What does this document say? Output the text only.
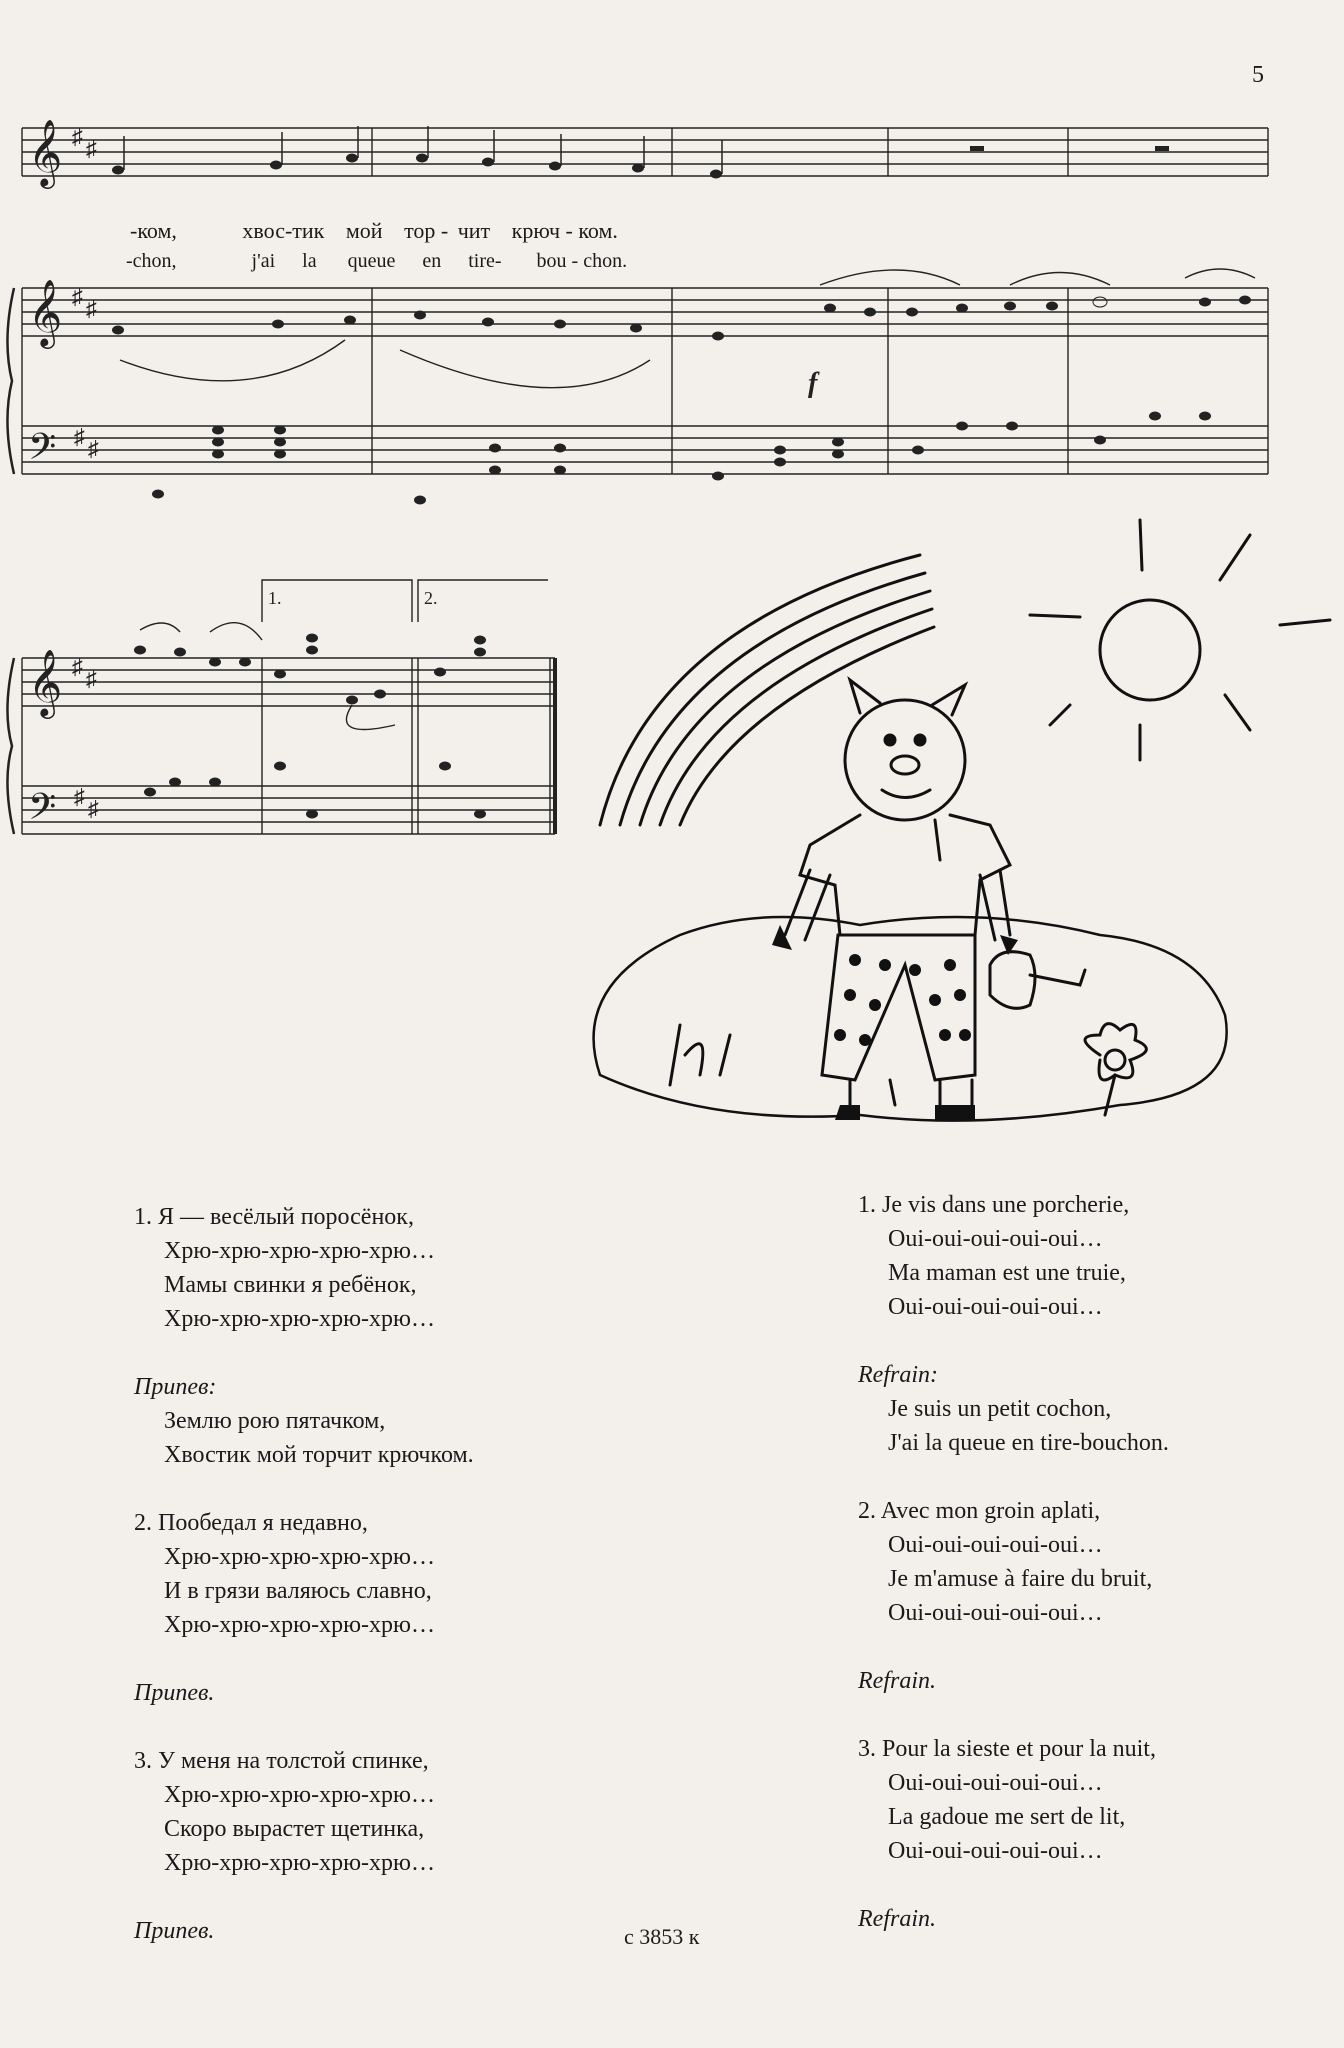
5
𝄞
𝄞
𝄢
♯ ♯
♯ ♯
♯ ♯
f
-ком,	хвос-тик мой тор - чит крюч - ком.
-chon,	j'ai la queue en tire- bou - chon.
𝄞
𝄢
♯ ♯
♯ ♯
1.	2.
1. Я — весёлый поросёнок,
Хрю-хрю-хрю-хрю-хрю…
Мамы свинки я ребёнок,
Хрю-хрю-хрю-хрю-хрю…
Припев:
Землю рою пятачком,
Хвостик мой торчит крючком.
2. Пообедал я недавно,
Хрю-хрю-хрю-хрю-хрю…
И в грязи валяюсь славно,
Хрю-хрю-хрю-хрю-хрю…
Припев.
3. У меня на толстой спинке,
Хрю-хрю-хрю-хрю-хрю…
Скоро вырастет щетинка,
Хрю-хрю-хрю-хрю-хрю…
Припев.
1. Je vis dans une porcherie,
Oui-oui-oui-oui-oui…
Ma maman est une truie,
Oui-oui-oui-oui-oui…
Refrain:
Je suis un petit cochon,
J'ai la queue en tire-bouchon.
2. Avec mon groin aplati,
Oui-oui-oui-oui-oui…
Je m'amuse à faire du bruit,
Oui-oui-oui-oui-oui…
Refrain.
3. Pour la sieste et pour la nuit,
Oui-oui-oui-oui-oui…
La gadoue me sert de lit,
Oui-oui-oui-oui-oui…
Refrain.
с 3853 к
